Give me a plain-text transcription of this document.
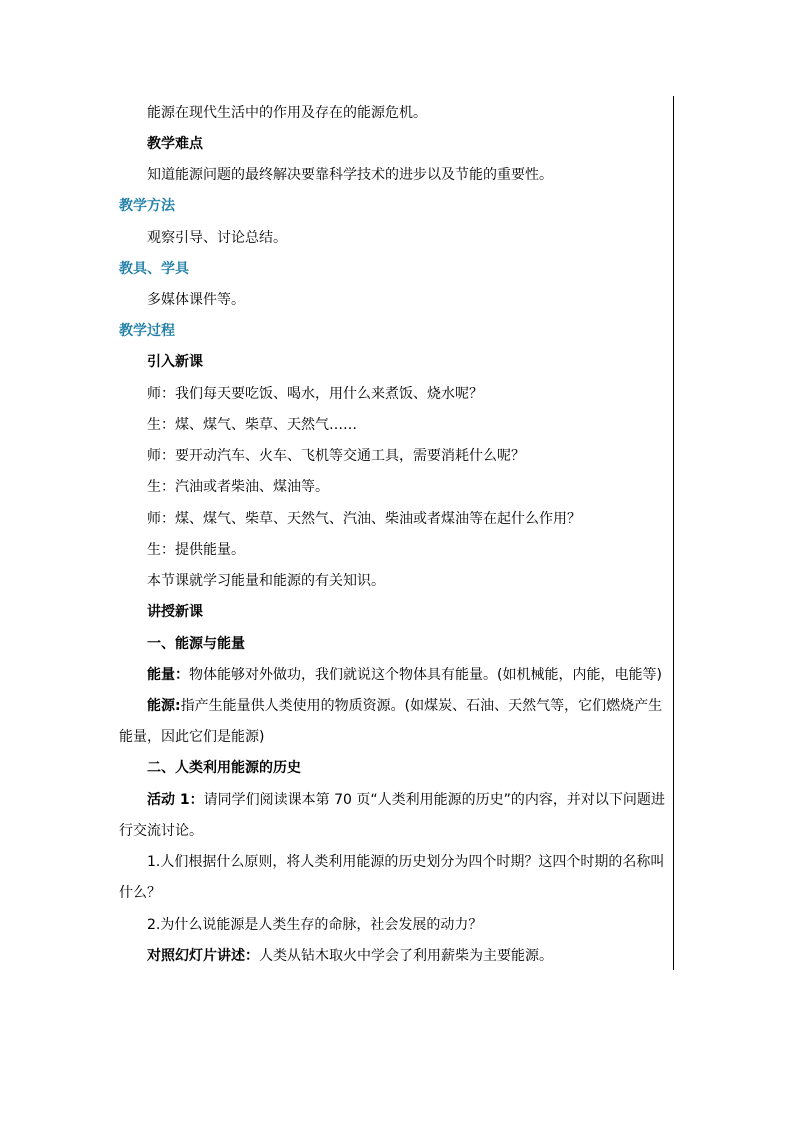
能源在现代生活中的作用及存在的能源危机。
教学难点
知道能源问题的最终解决要靠科学技术的进步以及节能的重要性。
教学方法
观察引导、讨论总结。
教具、学具
多媒体课件等。
教学过程
引入新课
师：我们每天要吃饭、喝水，用什么来煮饭、烧水呢？
生：煤、煤气、柴草、天然气……
师：要开动汽车、火车、飞机等交通工具，需要消耗什么呢？
生：汽油或者柴油、煤油等。
师：煤、煤气、柴草、天然气、汽油、柴油或者煤油等在起什么作用？
生：提供能量。
本节课就学习能量和能源的有关知识。
讲授新课
一、能源与能量
能量：物体能够对外做功，我们就说这个物体具有能量。(如机械能，内能，电能等)
能源:指产生能量供人类使用的物质资源。(如煤炭、石油、天然气等，它们燃烧产生
能量，因此它们是能源)
二、人类利用能源的历史
活动 1：请同学们阅读课本第 70 页“人类利用能源的历史”的内容，并对以下问题进
行交流讨论。
1.人们根据什么原则，将人类利用能源的历史划分为四个时期？这四个时期的名称叫
什么？
2.为什么说能源是人类生存的命脉，社会发展的动力？
对照幻灯片讲述：人类从钻木取火中学会了利用薪柴为主要能源。
